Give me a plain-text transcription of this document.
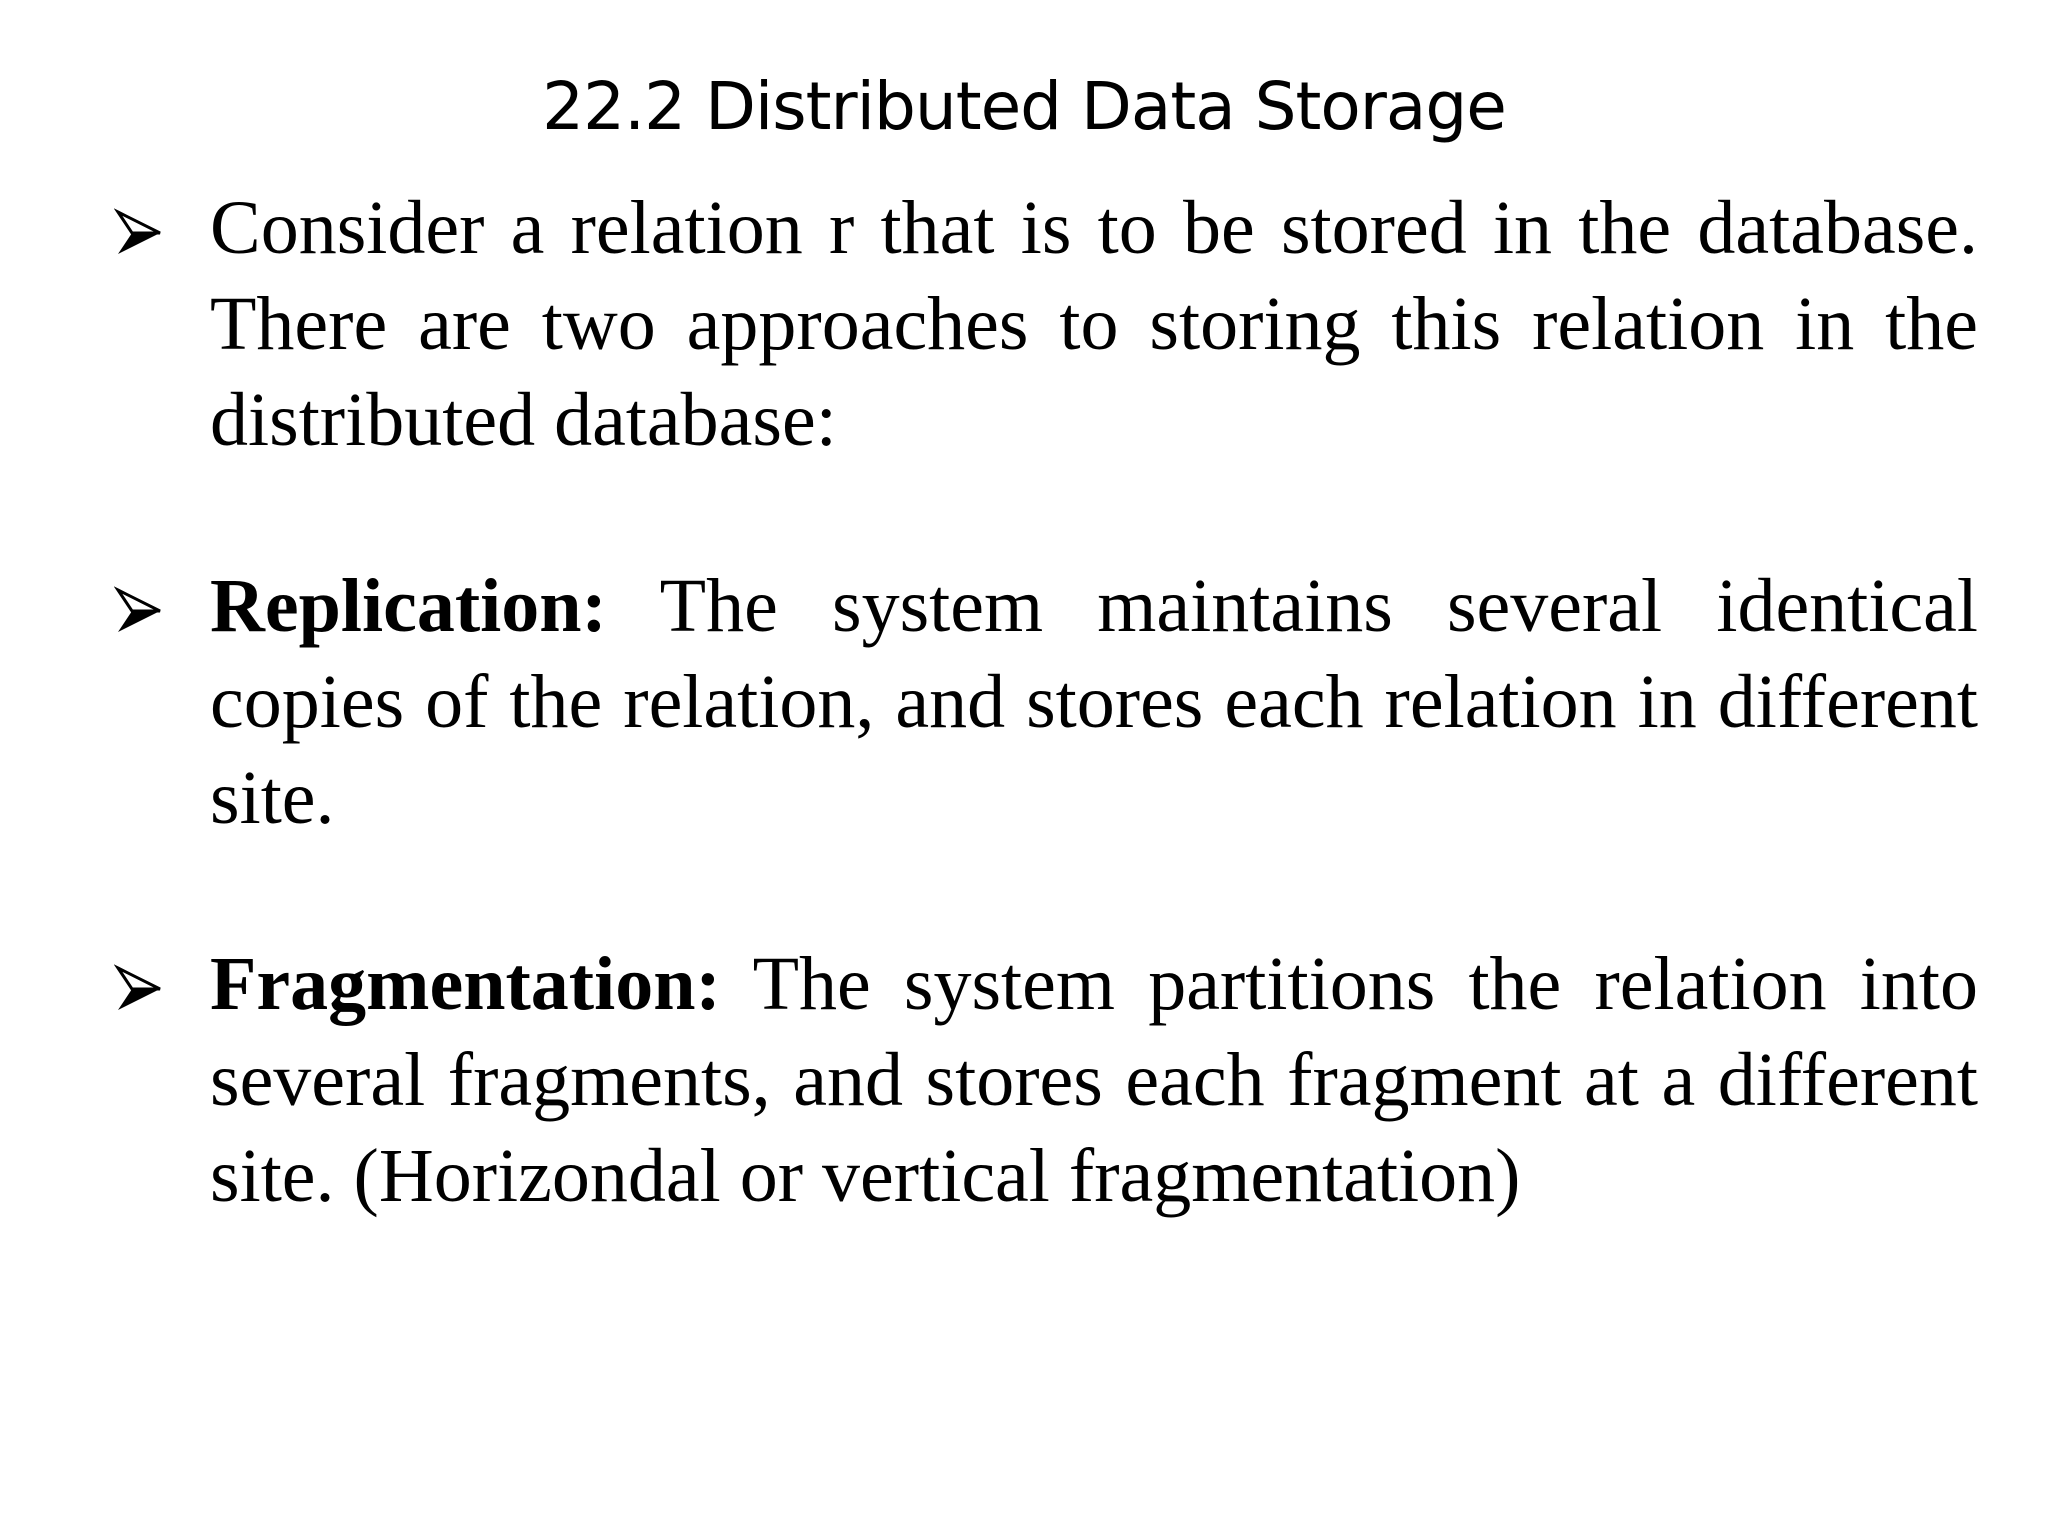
22.2 Distributed Data Storage
Consider a relation r that is to be stored in the database. There are two approaches to storing this relation in the distributed database:
Replication: The system maintains several identical copies of the relation, and stores each relation in different site.
Fragmentation: The system partitions the relation into several fragments, and stores each fragment at a different site. (Horizondal or vertical fragmentation)
